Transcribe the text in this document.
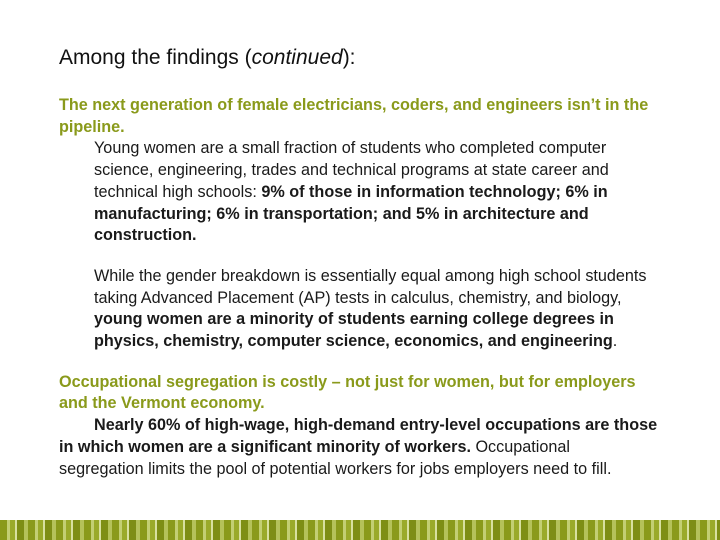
Among the findings (continued):

The next generation of female electricians, coders, and engineers isn’t in the pipeline.

Young women are a small fraction of students who completed computer science, engineering, trades and technical programs at state career and technical high schools: 9% of those in information technology; 6% in manufacturing; 6% in transportation; and 5% in architecture and construction.

While the gender breakdown is essentially equal among high school students taking Advanced Placement (AP) tests in calculus, chemistry, and biology, young women are a minority of students earning college degrees in physics, chemistry, computer science, economics, and engineering.

Occupational segregation is costly – not just for women, but for employers and the Vermont economy.

Nearly 60% of high-wage, high-demand entry-level occupations are those    in which women are a significant minority of workers. Occupational segregation limits the pool of potential workers for jobs employers need to fill.
